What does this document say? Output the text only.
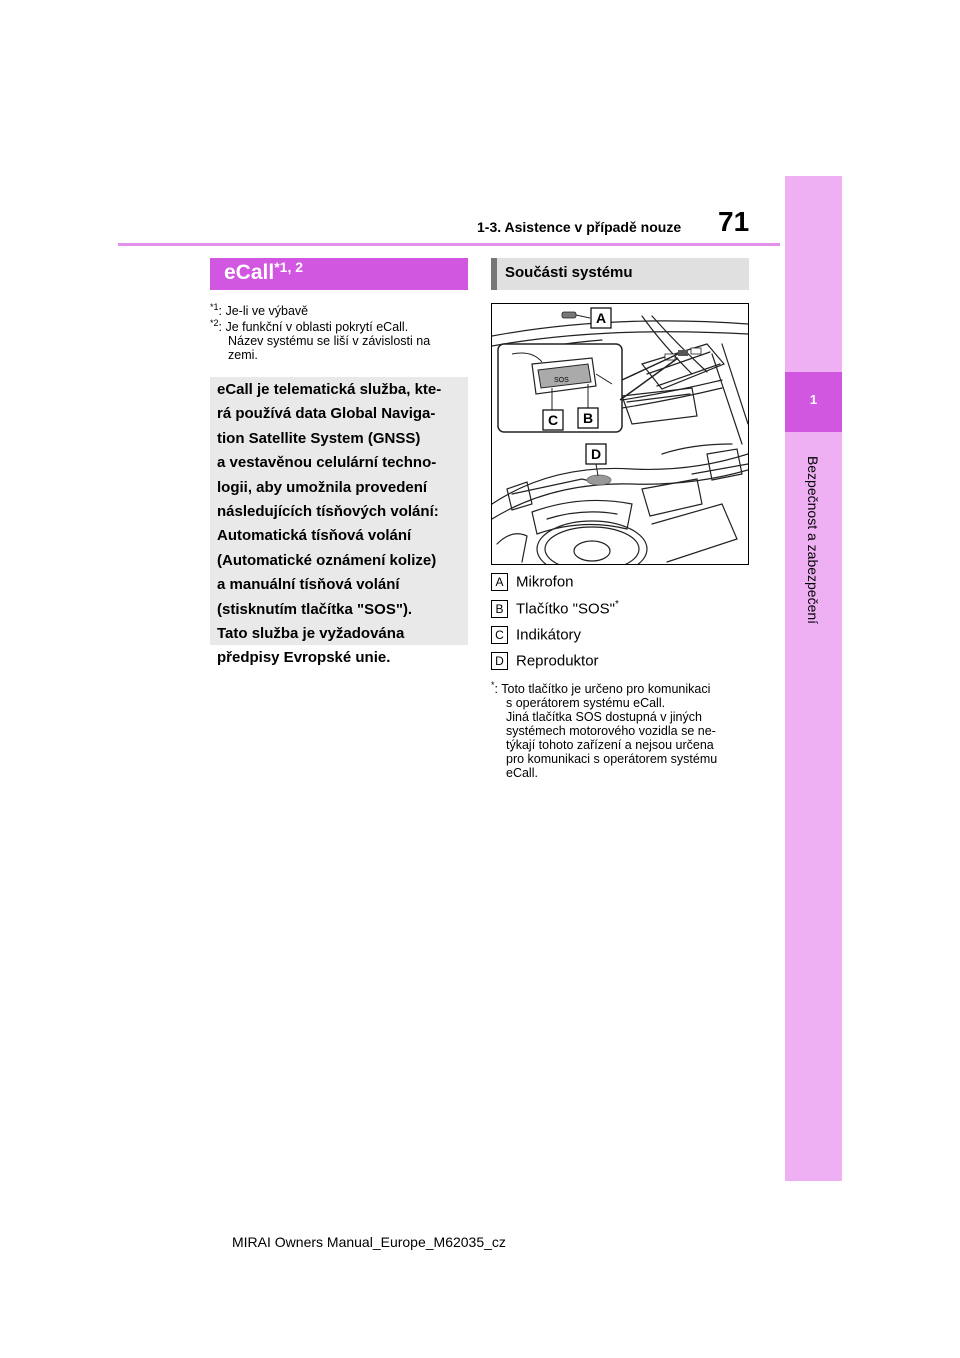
1
Bezpečnost a zabezpečení
1-3. Asistence v případě nouze 71
eCall$^{*1, 2}$
$^{*1}$: Je-li ve výbavě
$^{*2}$: Je funkční v oblasti pokrytí eCall.
Název systému se liší v závislosti na
zemi.
eCall je telematická služba, kte-
rá používá data Global Naviga-
tion Satellite System (GNSS)
a vestavěnou celulární techno-
logii, aby umožnila provedení
následujících tísňových volání:
Automatická tísňová volání
(Automatické oznámení kolize)
a manuální tísňová volání
(stisknutím tlačítka "SOS").
Tato služba je vyžadována
předpisy Evropské unie.
Součásti systému
SOS
A
C B
D
A Mikrofon
B Tlačítko "SOS"*
C Indikátory
D Reproduktor
*: Toto tlačítko je určeno pro komunikaci
s operátorem systému eCall.
Jiná tlačítka SOS dostupná v jiných
systémech motorového vozidla se ne-
týkají tohoto zařízení a nejsou určena
pro komunikaci s operátorem systému
eCall.
MIRAI Owners Manual_Europe_M62035_cz
